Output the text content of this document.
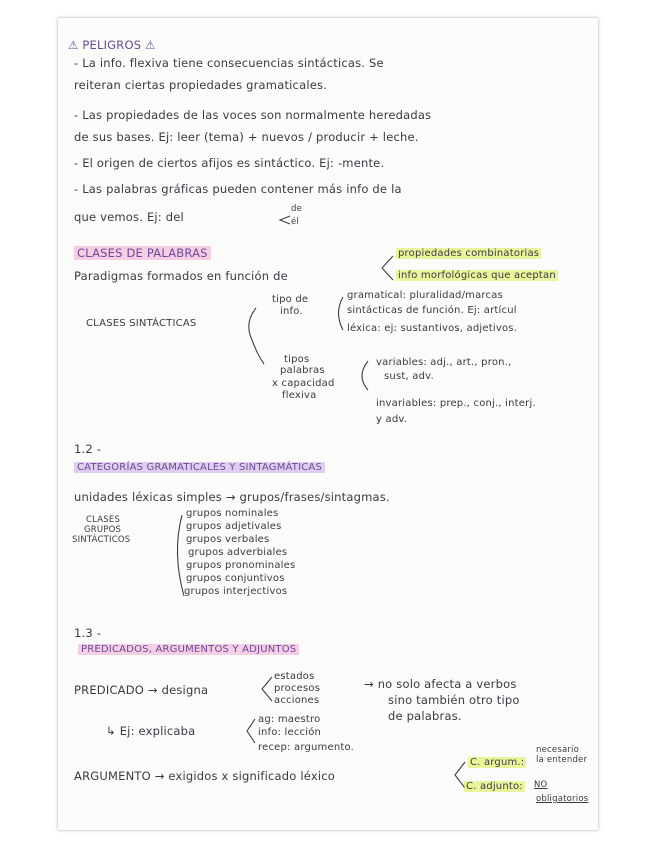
⚠ PELIGROS ⚠
- La info. flexiva tiene consecuencias sintácticas. Se
reiteran ciertas propiedades gramaticales.
- Las propiedades de las voces son normalmente heredadas
de sus bases. Ej: leer (tema) + nuevos / producir + leche.
- El origen de ciertos afijos es sintáctico. Ej: -mente.
- Las palabras gráficas pueden contener más info de la
que vemos. Ej: del
de
él
CLASES DE PALABRAS
Paradigmas formados en función de
propiedades combinatorias
info morfológicas que aceptan
CLASES SINTÁCTICAS
tipo de
info.
gramatical: pluralidad/marcas
sintácticas de función. Ej: artícul
léxica: ej: sustantivos, adjetivos.
tipos
palabras
x capacidad
flexiva
variables: adj., art., pron.,
sust, adv.
invariables: prep., conj., interj.
y adv.
1.2 -
CATEGORÍAS GRAMATICALES Y SINTAGMÁTICAS
unidades léxicas simples → grupos/frases/sintagmas.
CLASES
GRUPOS
SINTÁCTICOS
grupos nominales
grupos adjetivales
grupos verbales
grupos adverbiales
grupos pronominales
grupos conjuntivos
grupos interjectivos
1.3 -
PREDICADOS, ARGUMENTOS Y ADJUNTOS
PREDICADO → designa
estados
procesos
acciones
→ no solo afecta a verbos
sino también otro tipo
de palabras.
↳ Ej: explicaba
ag: maestro
info: lección
recep: argumento.
ARGUMENTO → exigidos x significado léxico
C. argum.:
necesario
la entender
C. adjunto: NO
obligatorios
